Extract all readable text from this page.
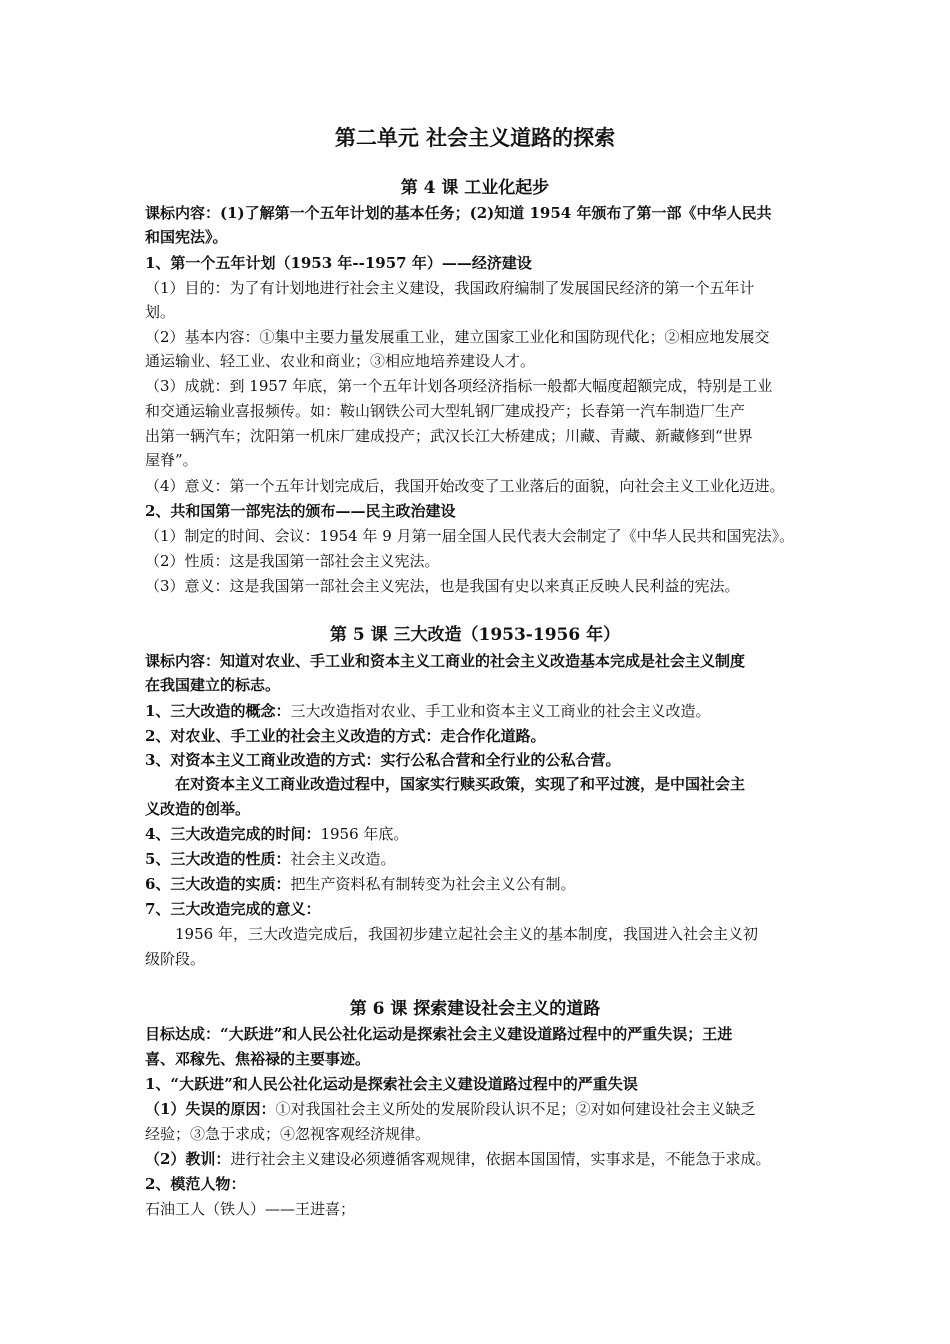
第二单元 社会主义道路的探索
第 4 课 工业化起步
课标内容：(1)了解第一个五年计划的基本任务；(2)知道 1954 年颁布了第一部《中华人民共
和国宪法》。
1、第一个五年计划（1953 年--1957 年）——经济建设
（1）目的：为了有计划地进行社会主义建设，我国政府编制了发展国民经济的第一个五年计
划。
（2）基本内容：①集中主要力量发展重工业，建立国家工业化和国防现代化；②相应地发展交
通运输业、轻工业、农业和商业；③相应地培养建设人才。
（3）成就：到 1957 年底，第一个五年计划各项经济指标一般都大幅度超额完成，特别是工业
和交通运输业喜报频传。如：鞍山钢铁公司大型轧钢厂建成投产；长春第一汽车制造厂生产
出第一辆汽车；沈阳第一机床厂建成投产；武汉长江大桥建成；川藏、青藏、新藏修到“世界
屋脊”。
（4）意义：第一个五年计划完成后，我国开始改变了工业落后的面貌，向社会主义工业化迈进。
2、共和国第一部宪法的颁布——民主政治建设
（1）制定的时间、会议：1954 年 9 月第一届全国人民代表大会制定了《中华人民共和国宪法》。
（2）性质：这是我国第一部社会主义宪法。
（3）意义：这是我国第一部社会主义宪法，也是我国有史以来真正反映人民利益的宪法。
第 5 课 三大改造（1953-1956 年）
课标内容：知道对农业、手工业和资本主义工商业的社会主义改造基本完成是社会主义制度
在我国建立的标志。
1、三大改造的概念：三大改造指对农业、手工业和资本主义工商业的社会主义改造。
2、对农业、手工业的社会主义改造的方式：走合作化道路。
3、对资本主义工商业改造的方式：实行公私合营和全行业的公私合营。
在对资本主义工商业改造过程中，国家实行赎买政策，实现了和平过渡，是中国社会主
义改造的创举。
4、三大改造完成的时间：1956 年底。
5、三大改造的性质：社会主义改造。
6、三大改造的实质：把生产资料私有制转变为社会主义公有制。
7、三大改造完成的意义：
1956 年，三大改造完成后，我国初步建立起社会主义的基本制度，我国进入社会主义初
级阶段。
第 6 课 探索建设社会主义的道路
目标达成：“大跃进”和人民公社化运动是探索社会主义建设道路过程中的严重失误；王进
喜、邓稼先、焦裕禄的主要事迹。
1、“大跃进”和人民公社化运动是探索社会主义建设道路过程中的严重失误
（1）失误的原因：①对我国社会主义所处的发展阶段认识不足；②对如何建设社会主义缺乏
经验；③急于求成；④忽视客观经济规律。
（2）教训：进行社会主义建设必须遵循客观规律，依据本国国情，实事求是，不能急于求成。
2、模范人物：
石油工人（铁人）——王进喜；
